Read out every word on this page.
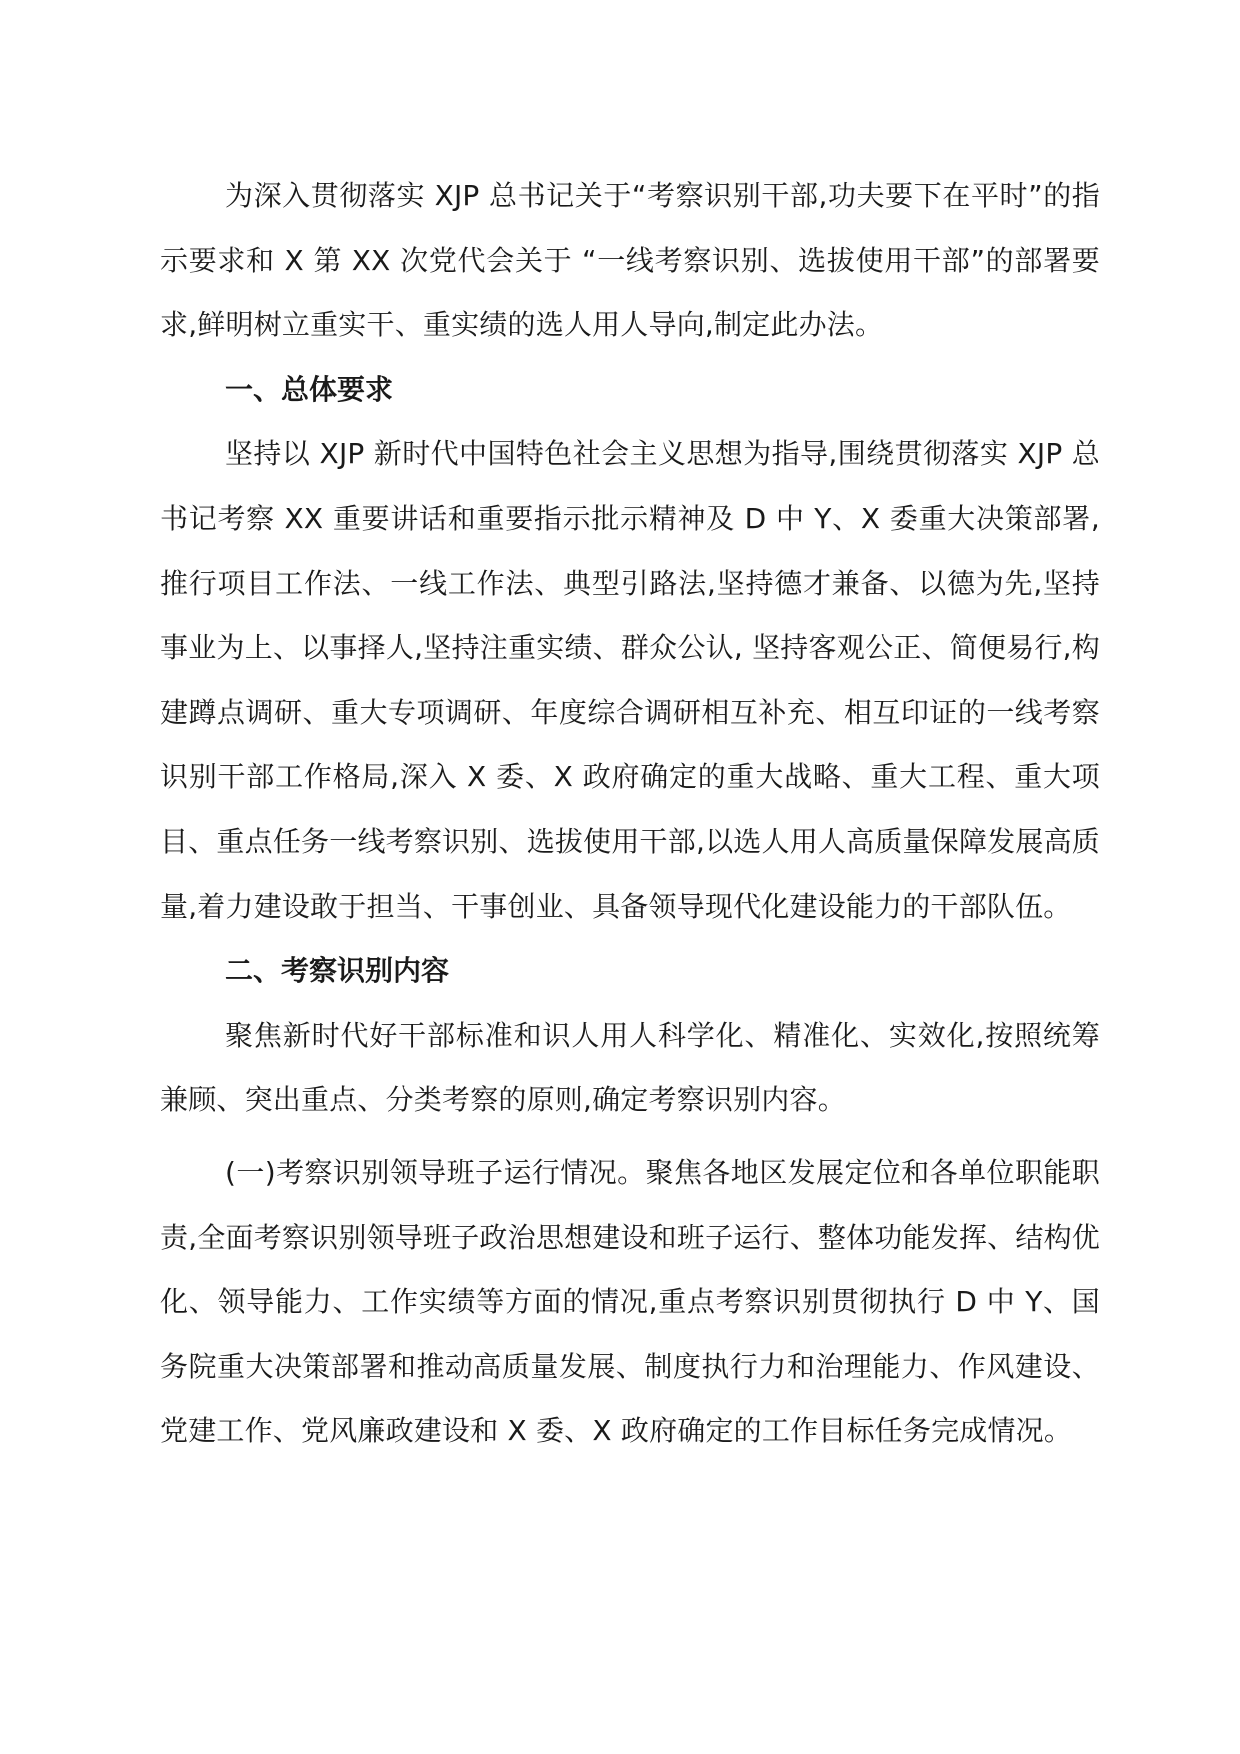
为深入贯彻落实 XJP 总书记关于“考察识别干部,功夫要下在平时”的指示要求和 X 第 XX 次党代会关于 “一线考察识别、选拔使用干部”的部署要求,鲜明树立重实干、重实绩的选人用人导向,制定此办法。

一、总体要求

坚持以 XJP 新时代中国特色社会主义思想为指导,围绕贯彻落实 XJP 总书记考察 XX 重要讲话和重要指示批示精神及 D 中 Y、X 委重大决策部署,推行项目工作法、一线工作法、典型引路法,坚持德才兼备、以德为先,坚持事业为上、以事择人,坚持注重实绩、群众公认, 坚持客观公正、简便易行,构建蹲点调研、重大专项调研、年度综合调研相互补充、相互印证的一线考察识别干部工作格局,深入 X 委、X 政府确定的重大战略、重大工程、重大项目、重点任务一线考察识别、选拔使用干部,以选人用人高质量保障发展高质量,着力建设敢于担当、干事创业、具备领导现代化建设能力的干部队伍。

二、考察识别内容

聚焦新时代好干部标准和识人用人科学化、精准化、实效化,按照统筹兼顾、突出重点、分类考察的原则,确定考察识别内容。

(一)考察识别领导班子运行情况。聚焦各地区发展定位和各单位职能职责,全面考察识别领导班子政治思想建设和班子运行、整体功能发挥、结构优化、领导能力、工作实绩等方面的情况,重点考察识别贯彻执行 D 中 Y、国务院重大决策部署和推动高质量发展、制度执行力和治理能力、作风建设、党建工作、党风廉政建设和 X 委、X 政府确定的工作目标任务完成情况。
